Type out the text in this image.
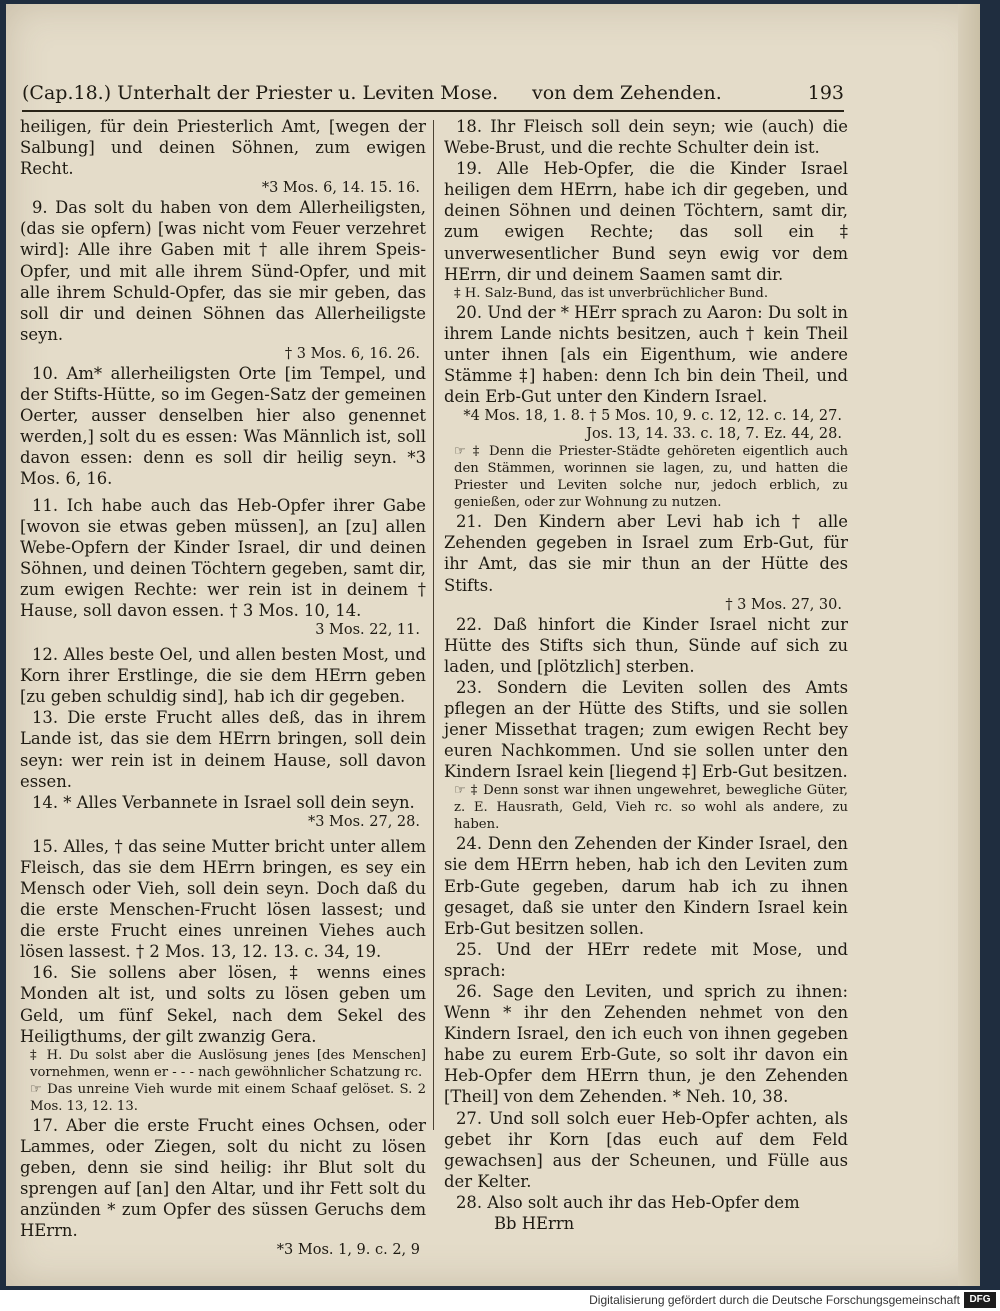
(Cap.18.) Unterhalt der Priester u. Leviten Mose. von dem Zehenden.	193

heiligen, für dein Priesterlich Amt, [wegen der Salbung] und deinen Söhnen, zum ewigen Recht.

*3 Mos. 6, 14. 15. 16.

9. Das solt du haben von dem Allerheiligsten, (das sie opfern) [was nicht vom Feuer verzehret wird]: Alle ihre Gaben mit † alle ihrem Speis-Opfer, und mit alle ihrem Sünd-Opfer, und mit alle ihrem Schuld-Opfer, das sie mir geben, das soll dir und deinen Söhnen das Allerheiligste seyn.

† 3 Mos. 6, 16. 26.

10. Am* allerheiligsten Orte [im Tempel, und der Stifts-Hütte, so im Gegen-Satz der gemeinen Oerter, ausser denselben hier also genennet werden,] solt du es essen: Was Männlich ist, soll davon essen: denn es soll dir heilig seyn. *3 Mos. 6, 16.

11. Ich habe auch das Heb-Opfer ihrer Gabe [wovon sie etwas geben müssen], an [zu] allen Webe-Opfern der Kinder Israel, dir und deinen Söhnen, und deinen Töchtern gegeben, samt dir, zum ewigen Rechte: wer rein ist in deinem † Hause, soll davon essen. † 3 Mos. 10, 14.

3 Mos. 22, 11.

12. Alles beste Oel, und allen besten Most, und Korn ihrer Erstlinge, die sie dem HErrn geben [zu geben schuldig sind], hab ich dir gegeben.

13. Die erste Frucht alles deß, das in ihrem Lande ist, das sie dem HErrn bringen, soll dein seyn: wer rein ist in deinem Hause, soll davon essen.

14. * Alles Verbannete in Israel soll dein seyn.

*3 Mos. 27, 28.

15. Alles, † das seine Mutter bricht unter allem Fleisch, das sie dem HErrn bringen, es sey ein Mensch oder Vieh, soll dein seyn. Doch daß du die erste Menschen-Frucht lösen lassest; und die erste Frucht eines unreinen Viehes auch lösen lassest. † 2 Mos. 13, 12. 13. c. 34, 19.

16. Sie sollens aber lösen, ‡ wenns eines Monden alt ist, und solts zu lösen geben um Geld, um fünf Sekel, nach dem Sekel des Heiligthums, der gilt zwanzig Gera.

‡ H. Du solst aber die Auslösung jenes [des Menschen] vornehmen, wenn er - - - nach gewöhnlicher Schatzung rc.

☞ Das unreine Vieh wurde mit einem Schaaf gelöset. S. 2 Mos. 13, 12. 13.

17. Aber die erste Frucht eines Ochsen, oder Lammes, oder Ziegen, solt du nicht zu lösen geben, denn sie sind heilig: ihr Blut solt du sprengen auf [an] den Altar, und ihr Fett solt du anzünden * zum Opfer des süssen Geruchs dem HErrn.

*3 Mos. 1, 9. c. 2, 9

18. Ihr Fleisch soll dein seyn; wie (auch) die Webe-Brust, und die rechte Schulter dein ist.

19. Alle Heb-Opfer, die die Kinder Israel heiligen dem HErrn, habe ich dir gegeben, und deinen Söhnen und deinen Töchtern, samt dir, zum ewigen Rechte; das soll ein ‡ unverwesentlicher Bund seyn ewig vor dem HErrn, dir und deinem Saamen samt dir.

‡ H. Salz-Bund, das ist unverbrüchlicher Bund.

20. Und der * HErr sprach zu Aaron: Du solt in ihrem Lande nichts besitzen, auch † kein Theil unter ihnen [als ein Eigenthum, wie andere Stämme ‡] haben: denn Ich bin dein Theil, und dein Erb-Gut unter den Kindern Israel.

*4 Mos. 18, 1. 8. † 5 Mos. 10, 9. c. 12, 12. c. 14, 27. Jos. 13, 14. 33. c. 18, 7. Ez. 44, 28.

☞ ‡ Denn die Priester-Städte gehöreten eigentlich auch den Stämmen, worinnen sie lagen, zu, und hatten die Priester und Leviten solche nur, jedoch erblich, zu genießen, oder zur Wohnung zu nutzen.

21. Den Kindern aber Levi hab ich † alle Zehenden gegeben in Israel zum Erb-Gut, für ihr Amt, das sie mir thun an der Hütte des Stifts.

† 3 Mos. 27, 30.

22. Daß hinfort die Kinder Israel nicht zur Hütte des Stifts sich thun, Sünde auf sich zu laden, und [plötzlich] sterben.

23. Sondern die Leviten sollen des Amts pflegen an der Hütte des Stifts, und sie sollen jener Missethat tragen; zum ewigen Recht bey euren Nachkommen. Und sie sollen unter den Kindern Israel kein [liegend ‡] Erb-Gut besitzen.

☞ ‡ Denn sonst war ihnen ungewehret, bewegliche Güter, z. E. Hausrath, Geld, Vieh rc. so wohl als andere, zu haben.

24. Denn den Zehenden der Kinder Israel, den sie dem HErrn heben, hab ich den Leviten zum Erb-Gute gegeben, darum hab ich zu ihnen gesaget, daß sie unter den Kindern Israel kein Erb-Gut besitzen sollen.

25. Und der HErr redete mit Mose, und sprach:

26. Sage den Leviten, und sprich zu ihnen: Wenn * ihr den Zehenden nehmet von den Kindern Israel, den ich euch von ihnen gegeben habe zu eurem Erb-Gute, so solt ihr davon ein Heb-Opfer dem HErrn thun, je den Zehenden [Theil] von dem Zehenden. * Neh. 10, 38.

27. Und soll solch euer Heb-Opfer achten, als gebet ihr Korn [das euch auf dem Feld gewachsen] aus der Scheunen, und Fülle aus der Kelter.

28. Also solt auch ihr das Heb-Opfer dem

Bb HErrn

Digitalisierung gefördert durch die Deutsche Forschungsgemeinschaft DFG
